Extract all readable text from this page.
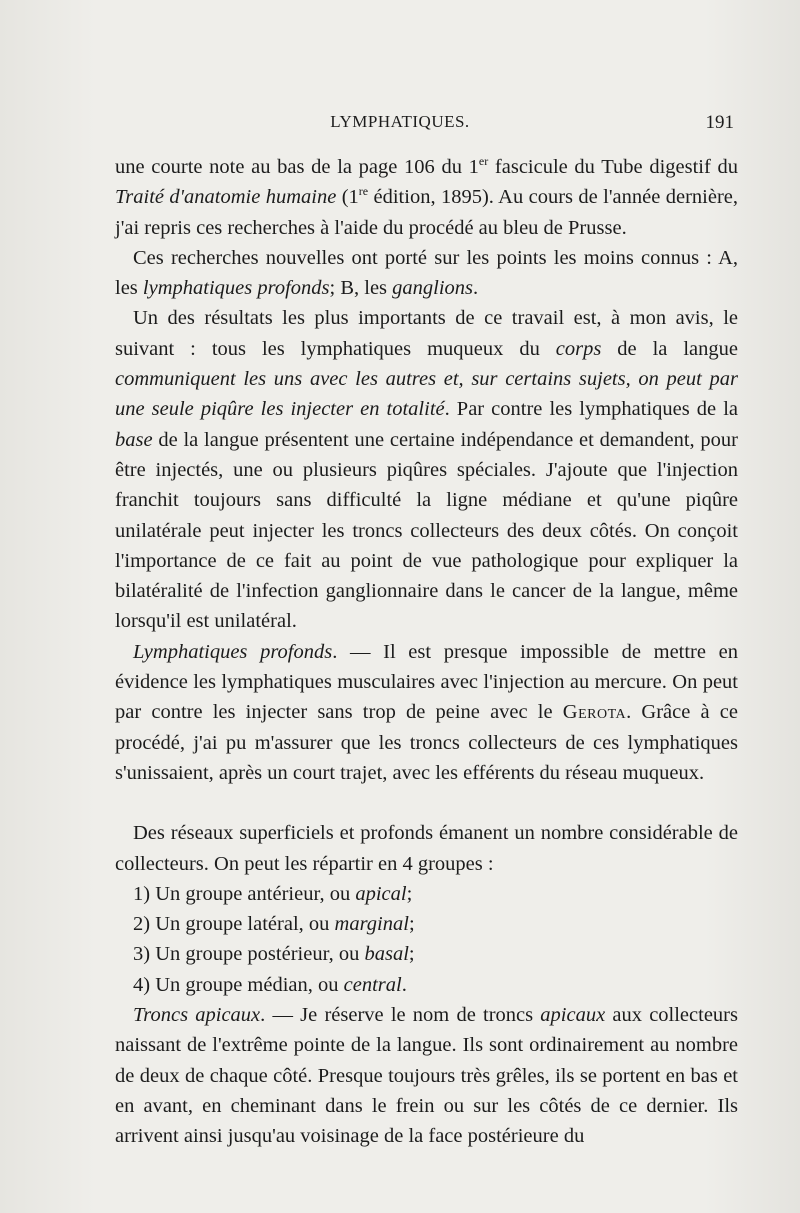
LYMPHATIQUES.	191

une courte note au bas de la page 106 du 1er fascicule du Tube digestif du Traité d'anatomie humaine (1re édition, 1895). Au cours de l'année dernière, j'ai repris ces recherches à l'aide du procédé au bleu de Prusse.

Ces recherches nouvelles ont porté sur les points les moins connus : A, les lymphatiques profonds; B, les ganglions.

Un des résultats les plus importants de ce travail est, à mon avis, le suivant : tous les lymphatiques muqueux du corps de la langue communiquent les uns avec les autres et, sur certains sujets, on peut par une seule piqûre les injecter en totalité. Par contre les lymphatiques de la base de la langue présentent une certaine indépendance et demandent, pour être injectés, une ou plusieurs piqûres spéciales. J'ajoute que l'injection franchit toujours sans difficulté la ligne médiane et qu'une piqûre unilatérale peut injecter les troncs collecteurs des deux côtés. On conçoit l'importance de ce fait au point de vue pathologique pour expliquer la bilatéralité de l'infection ganglionnaire dans le cancer de la langue, même lorsqu'il est unilatéral.

Lymphatiques profonds. — Il est presque impossible de mettre en évidence les lymphatiques musculaires avec l'injection au mercure. On peut par contre les injecter sans trop de peine avec le Gerota. Grâce à ce procédé, j'ai pu m'assurer que les troncs collecteurs de ces lymphatiques s'unissaient, après un court trajet, avec les efférents du réseau muqueux.

Des réseaux superficiels et profonds émanent un nombre considérable de collecteurs. On peut les répartir en 4 groupes :

1) Un groupe antérieur, ou apical;

2) Un groupe latéral, ou marginal;

3) Un groupe postérieur, ou basal;

4) Un groupe médian, ou central.

Troncs apicaux. — Je réserve le nom de troncs apicaux aux collecteurs naissant de l'extrême pointe de la langue. Ils sont ordinairement au nombre de deux de chaque côté. Presque toujours très grêles, ils se portent en bas et en avant, en cheminant dans le frein ou sur les côtés de ce dernier. Ils arrivent ainsi jusqu'au voisinage de la face postérieure du
